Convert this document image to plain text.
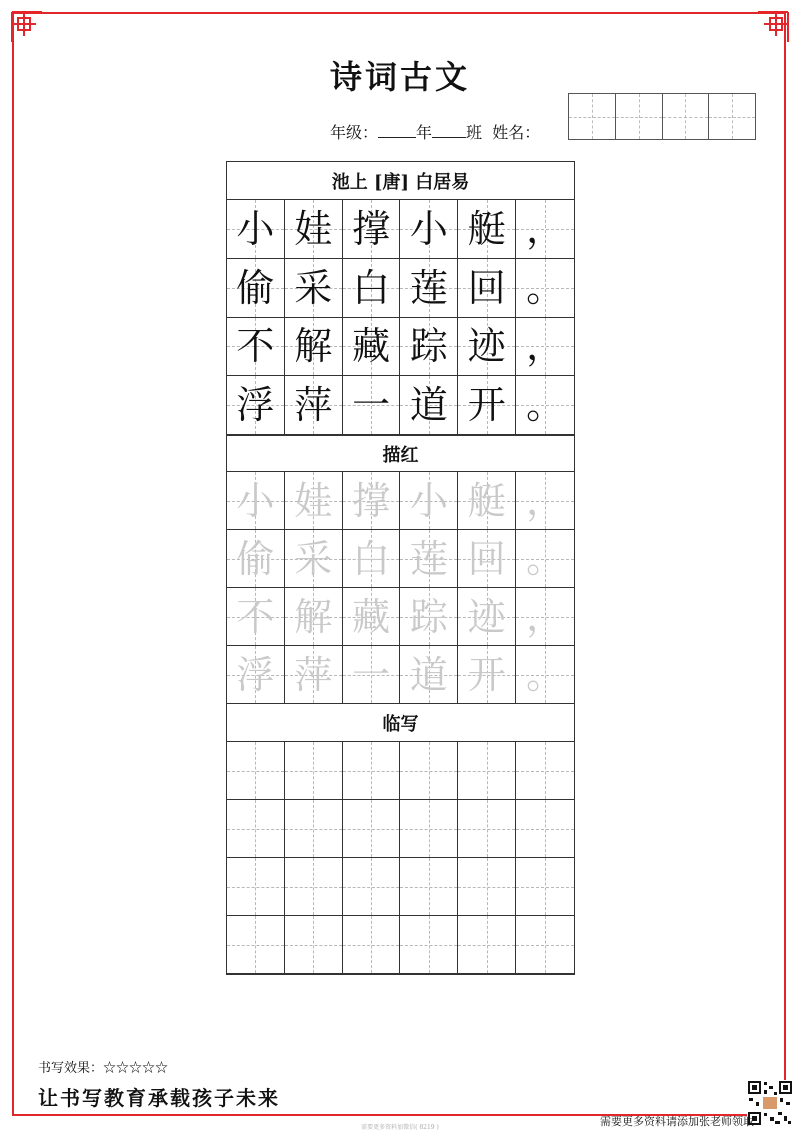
诗词古文
年级： 年 班 姓名：
池上 [唐] 白居易
小 娃 撑 小 艇 ，
偷 采 白 莲 回 。
不 解 藏 踪 迹 ，
浮 萍 一 道 开 。
描红
小 娃 撑 小 艇 ，
偷 采 白 莲 回 。
不 解 藏 踪 迹 ，
浮 萍 一 道 开 。
临写
书写效果：☆☆☆☆☆
让书写教育承载孩子未来
需要更多资料请添加张老师领取
需要更多资料加微信( 8219 )
